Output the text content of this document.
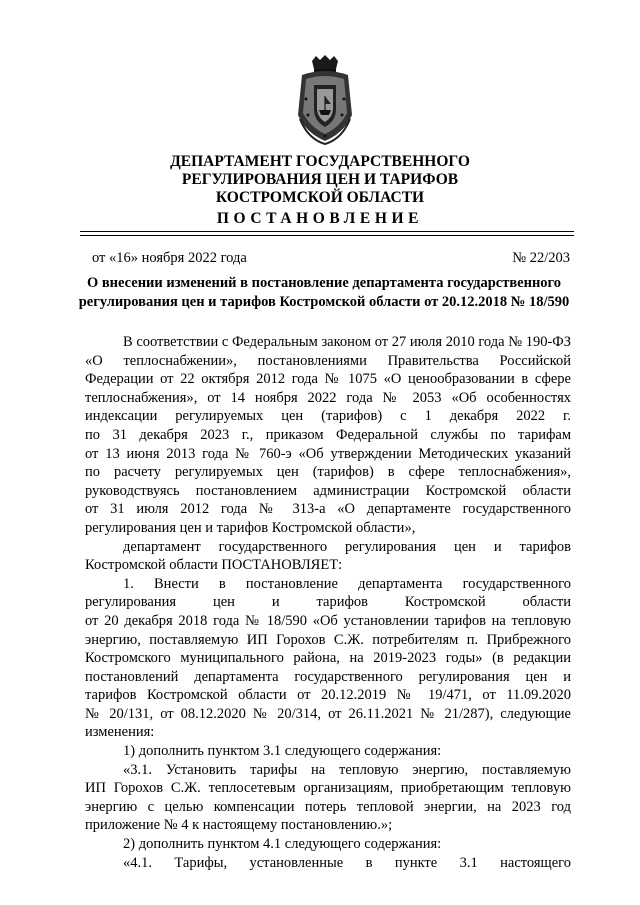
ДЕПАРТАМЕНТ ГОСУДАРСТВЕННОГО
РЕГУЛИРОВАНИЯ ЦЕН И ТАРИФОВ
КОСТРОМСКОЙ ОБЛАСТИ
ПОСТАНОВЛЕНИЕ
от «16» ноября 2022 года	№ 22/203
О внесении изменений в постановление департамента государственного
регулирования цен и тарифов Костромской области от 20.12.2018 № 18/590
В соответствии с Федеральным законом от 27 июля 2010 года № 190-ФЗ
«О теплоснабжении», постановлениями Правительства Российской
Федерации от 22 октября 2012 года № 1075 «О ценообразовании в сфере
теплоснабжения», от 14 ноября 2022 года № 2053 «Об особенностях
индексации регулируемых цен (тарифов) с 1 декабря 2022 г.
по 31 декабря 2023 г., приказом Федеральной службы по тарифам
от 13 июня 2013 года № 760-э «Об утверждении Методических указаний
по расчету регулируемых цен (тарифов) в сфере теплоснабжения»,
руководствуясь постановлением администрации Костромской области
от 31 июля 2012 года № 313-а «О департаменте государственного
регулирования цен и тарифов Костромской области»,
департамент государственного регулирования цен и тарифов
Костромской области ПОСТАНОВЛЯЕТ:
1. Внести в постановление департамента государственного
регулирования цен и тарифов Костромской области
от 20 декабря 2018 года № 18/590 «Об установлении тарифов на тепловую
энергию, поставляемую ИП Горохов С.Ж. потребителям п. Прибрежного
Костромского муниципального района, на 2019-2023 годы» (в редакции
постановлений департамента государственного регулирования цен и
тарифов Костромской области от 20.12.2019 № 19/471, от 11.09.2020
№ 20/131, от 08.12.2020 № 20/314, от 26.11.2021 № 21/287), следующие
изменения:
1) дополнить пунктом 3.1 следующего содержания:
«3.1. Установить тарифы на тепловую энергию, поставляемую
ИП Горохов С.Ж. теплосетевым организациям, приобретающим тепловую
энергию с целью компенсации потерь тепловой энергии, на 2023 год
приложение № 4 к настоящему постановлению.»;
2) дополнить пунктом 4.1 следующего содержания:
«4.1. Тарифы, установленные в пункте 3.1 настоящего
